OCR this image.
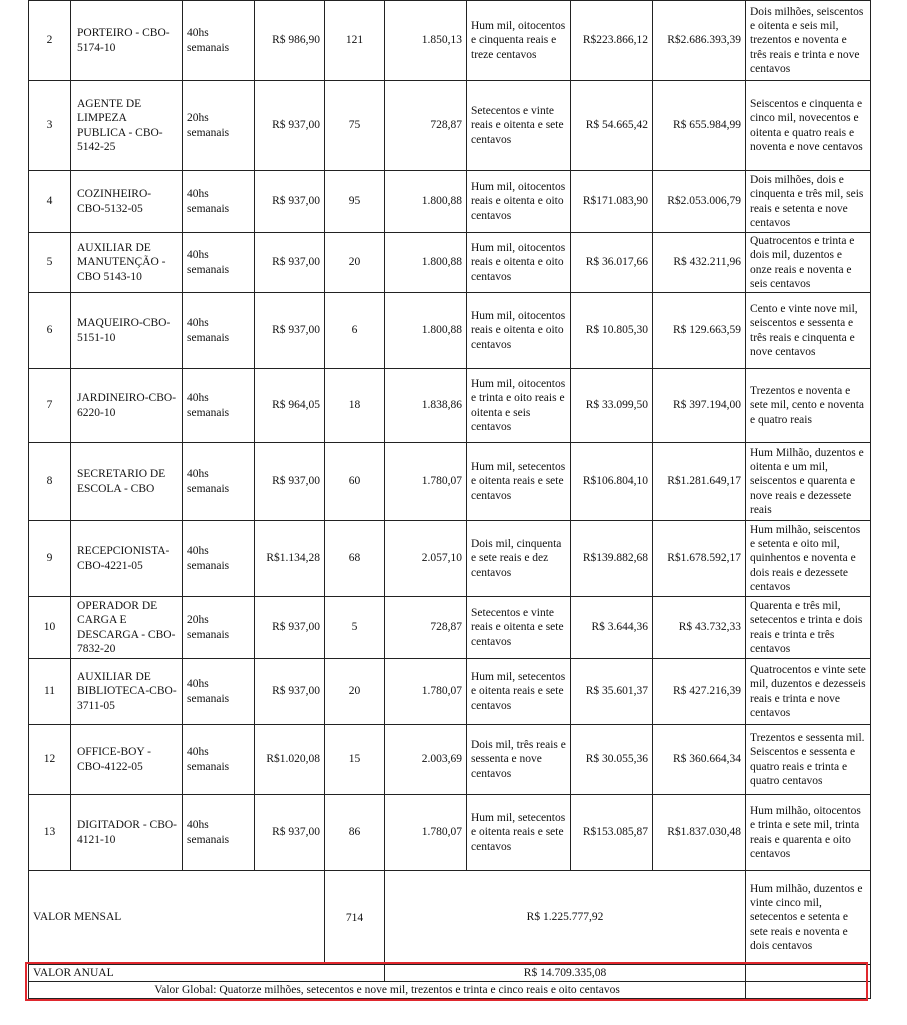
2	PORTEIRO - CBO-5174-10	40hs semanais	R$ 986,90	121	1.850,13	Hum mil, oitocentos e cinquenta reais e treze centavos	R$223.866,12	R$2.686.393,39	Dois milhões, seiscentos e oitenta e seis mil, trezentos e noventa e três reais e trinta e nove centavos
3	AGENTE DE LIMPEZA PUBLICA - CBO-5142-25	20hs semanais	R$ 937,00	75	728,87	Setecentos e vinte reais e oitenta e sete centavos	R$ 54.665,42	R$ 655.984,99	Seiscentos e cinquenta e cinco mil, novecentos e oitenta e quatro reais e noventa e nove centavos
4	COZINHEIRO-CBO-5132-05	40hs semanais	R$ 937,00	95	1.800,88	Hum mil, oitocentos reais e oitenta e oito centavos	R$171.083,90	R$2.053.006,79	Dois milhões, dois e cinquenta e três mil, seis reais e setenta e nove centavos
5	AUXILIAR DE MANUTENÇÃO - CBO 5143-10	40hs semanais	R$ 937,00	20	1.800,88	Hum mil, oitocentos reais e oitenta e oito centavos	R$ 36.017,66	R$ 432.211,96	Quatrocentos e trinta e dois mil, duzentos e onze reais e noventa e seis centavos
6	MAQUEIRO-CBO-5151-10	40hs semanais	R$ 937,00	6	1.800,88	Hum mil, oitocentos reais e oitenta e oito centavos	R$ 10.805,30	R$ 129.663,59	Cento e vinte nove mil, seiscentos e sessenta e três reais e cinquenta e nove centavos
7	JARDINEIRO-CBO-6220-10	40hs semanais	R$ 964,05	18	1.838,86	Hum mil, oitocentos e trinta e oito reais e oitenta e seis centavos	R$ 33.099,50	R$ 397.194,00	Trezentos e noventa e sete mil, cento e noventa e quatro reais
8	SECRETARIO DE ESCOLA - CBO	40hs semanais	R$ 937,00	60	1.780,07	Hum mil, setecentos e oitenta reais e sete centavos	R$106.804,10	R$1.281.649,17	Hum Milhão, duzentos e oitenta e um mil, seiscentos e quarenta e nove reais e dezessete reais
9	RECEPCIONISTA-CBO-4221-05	40hs semanais	R$1.134,28	68	2.057,10	Dois mil, cinquenta e sete reais e dez centavos	R$139.882,68	R$1.678.592,17	Hum milhão, seiscentos e setenta e oito mil, quinhentos e noventa e dois reais e dezessete centavos
10	OPERADOR DE CARGA E DESCARGA - CBO-7832-20	20hs semanais	R$ 937,00	5	728,87	Setecentos e vinte reais e oitenta e sete centavos	R$ 3.644,36	R$ 43.732,33	Quarenta e três mil, setecentos e trinta e dois reais e trinta e três centavos
11	AUXILIAR DE BIBLIOTECA-CBO-3711-05	40hs semanais	R$ 937,00	20	1.780,07	Hum mil, setecentos e oitenta reais e sete centavos	R$ 35.601,37	R$ 427.216,39	Quatrocentos e vinte sete mil, duzentos e dezesseis reais e trinta e nove centavos
12	OFFICE-BOY - CBO-4122-05	40hs semanais	R$1.020,08	15	2.003,69	Dois mil, três reais e sessenta e nove centavos	R$ 30.055,36	R$ 360.664,34	Trezentos e sessenta mil. Seiscentos e sessenta e quatro reais e trinta e quatro centavos
13	DIGITADOR - CBO-4121-10	40hs semanais	R$ 937,00	86	1.780,07	Hum mil, setecentos e oitenta reais e sete centavos	R$153.085,87	R$1.837.030,48	Hum milhão, oitocentos e trinta e sete mil, trinta reais e quarenta e oito centavos
VALOR MENSAL				714	R$ 1.225.777,92				Hum milhão, duzentos e vinte cinco mil, setecentos e setenta e sete reais e noventa e dois centavos
VALOR ANUAL					R$ 14.709.335,08				
Valor Global: Quatorze milhões, setecentos e nove mil, trezentos e trinta e cinco reais e oito centavos									
